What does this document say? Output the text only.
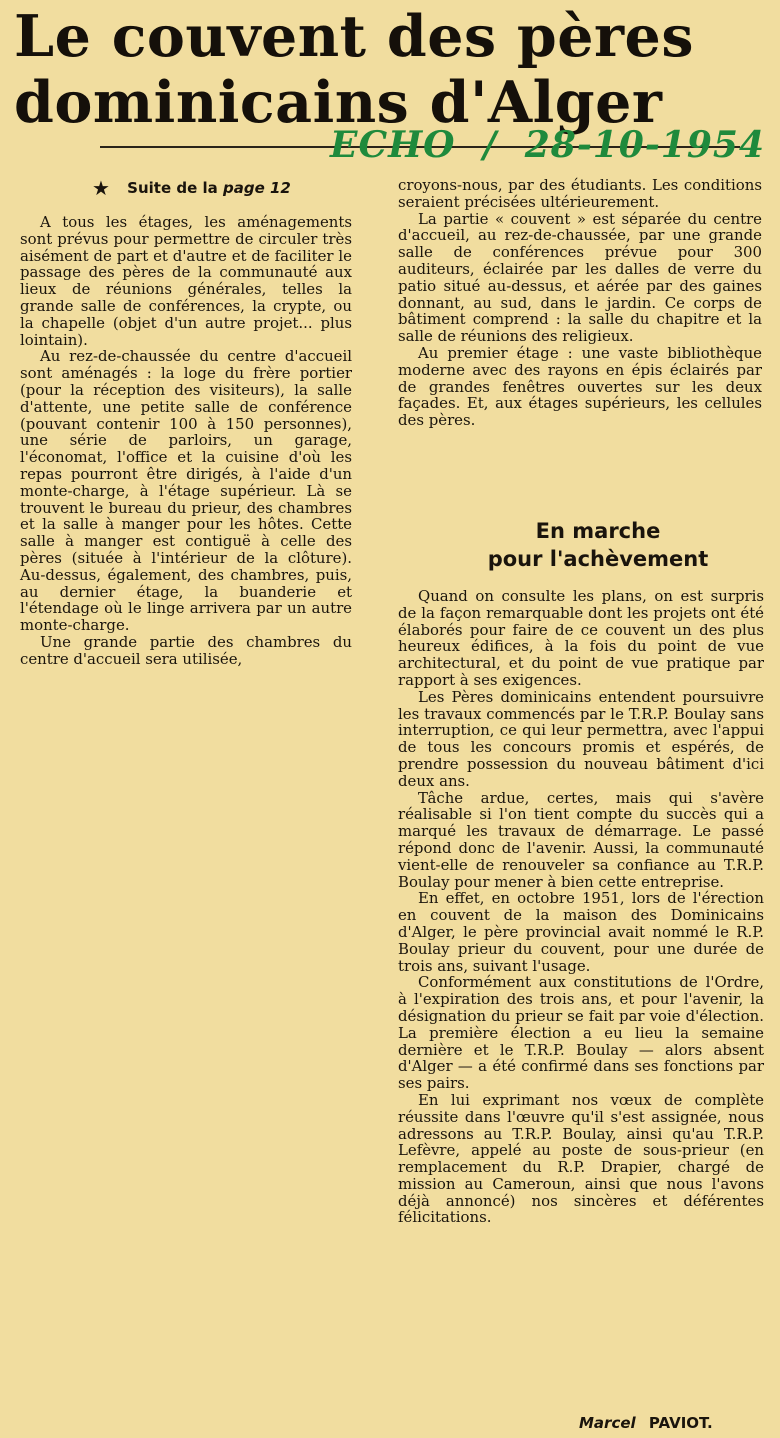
Le couvent des pères
dominicains d'Alger
ECHO / 28-10-1954
★ Suite de la page 12

A tous les étages, les aménagements sont prévus pour permettre de circuler très aisément de part et d'autre et de faciliter le passage des pères de la communauté aux lieux de réunions générales, telles la grande salle de conférences, la crypte, ou la chapelle (objet d'un autre projet... plus lointain).

Au rez-de-chaussée du centre d'accueil sont aménagés : la loge du frère portier (pour la réception des visiteurs), la salle d'attente, une petite salle de conférence (pouvant contenir 100 à 150 personnes), une série de parloirs, un garage, l'économat, l'office et la cuisine d'où les repas pourront être dirigés, à l'aide d'un monte-charge, à l'étage supérieur. Là se trouvent le bureau du prieur, des chambres et la salle à manger pour les hôtes. Cette salle à manger est contiguë à celle des pères (située à l'intérieur de la clôture). Au-dessus, également, des chambres, puis, au dernier étage, la buanderie et l'étendage où le linge arrivera par un autre monte-charge.

Une grande partie des chambres du centre d'accueil sera utilisée,

croyons-nous, par des étudiants. Les conditions seraient précisées ultérieurement.

La partie « couvent » est séparée du centre d'accueil, au rez-de-chaussée, par une grande salle de conférences prévue pour 300 auditeurs, éclairée par les dalles de verre du patio situé au-dessus, et aérée par des gaines donnant, au sud, dans le jardin. Ce corps de bâtiment comprend : la salle du chapitre et la salle de réunions des religieux.

Au premier étage : une vaste bibliothèque moderne avec des rayons en épis éclairés par de grandes fenêtres ouvertes sur les deux façades. Et, aux étages supérieurs, les cellules des pères.

En marche
pour l'achèvement

Quand on consulte les plans, on est surpris de la façon remarquable dont les projets ont été élaborés pour faire de ce couvent un des plus heureux édifices, à la fois du point de vue architectural, et du point de vue pratique par rapport à ses exigences.

Les Pères dominicains entendent poursuivre les travaux commencés par le T.R.P. Boulay sans interruption, ce qui leur permettra, avec l'appui de tous les concours promis et espérés, de prendre possession du nouveau bâtiment d'ici deux ans.

Tâche ardue, certes, mais qui s'avère réalisable si l'on tient compte du succès qui a marqué les travaux de démarrage. Le passé répond donc de l'avenir. Aussi, la communauté vient-elle de renouveler sa confiance au T.R.P. Boulay pour mener à bien cette entreprise.

En effet, en octobre 1951, lors de l'érection en couvent de la maison des Dominicains d'Alger, le père provincial avait nommé le R.P. Boulay prieur du couvent, pour une durée de trois ans, suivant l'usage.

Conformément aux constitutions de l'Ordre, à l'expiration des trois ans, et pour l'avenir, la désignation du prieur se fait par voie d'élection. La première élection a eu lieu la semaine dernière et le T.R.P. Boulay — alors absent d'Alger — a été confirmé dans ses fonctions par ses pairs.

En lui exprimant nos vœux de complète réussite dans l'œuvre qu'il s'est assignée, nous adressons au T.R.P. Boulay, ainsi qu'au T.R.P. Lefèvre, appelé au poste de sous-prieur (en remplacement du R.P. Drapier, chargé de mission au Cameroun, ainsi que nous l'avons déjà annoncé) nos sincères et déférentes félicitations.

Marcel PAVIOT.
